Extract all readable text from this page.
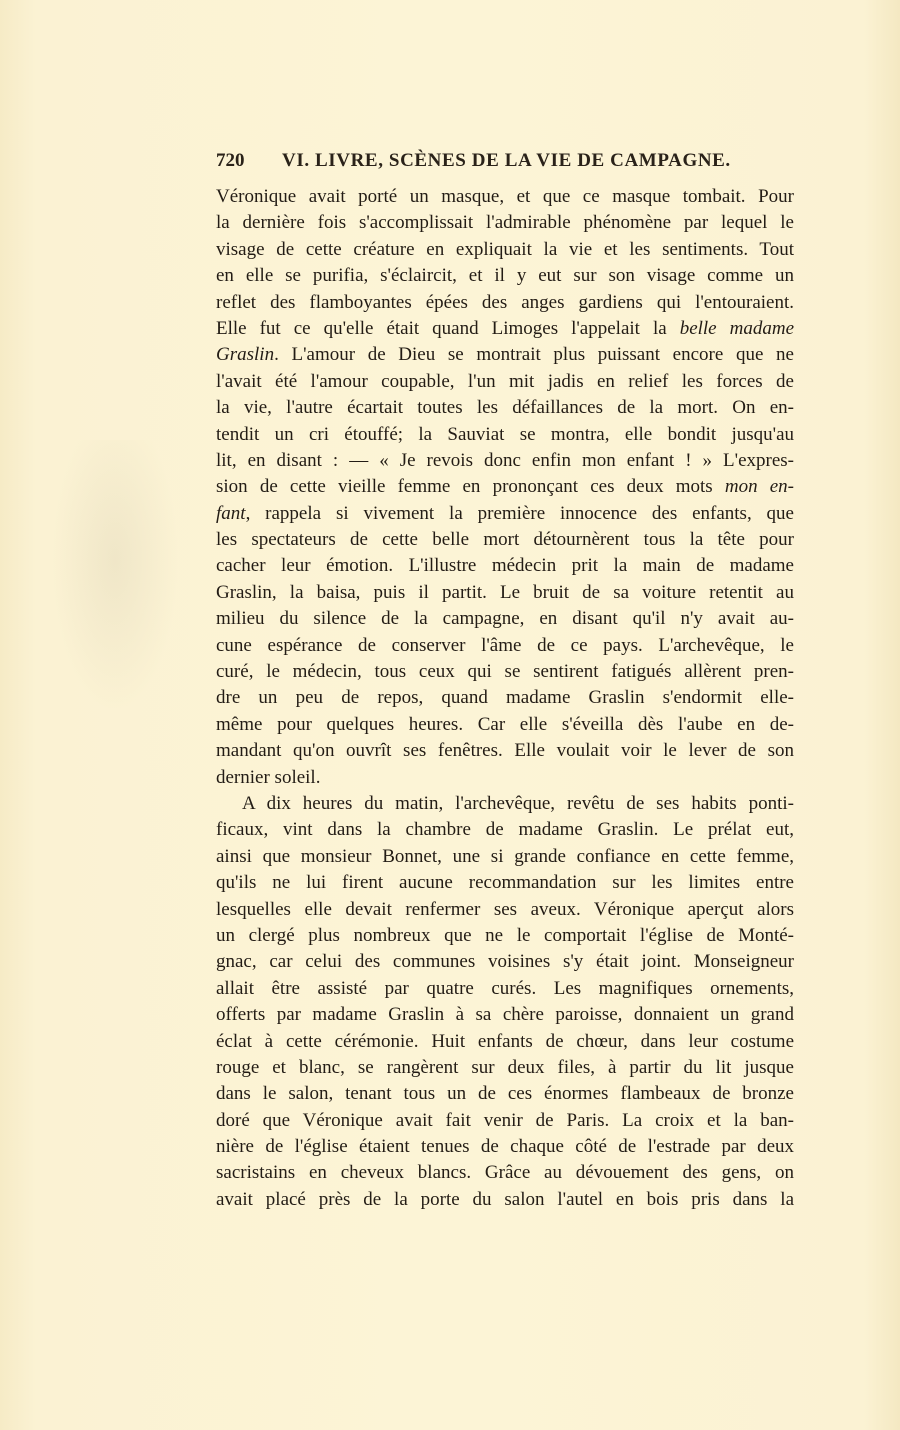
720 VI. LIVRE, SCÈNES DE LA VIE DE CAMPAGNE.
Véronique avait porté un masque, et que ce masque tombait. Pour
la dernière fois s'accomplissait l'admirable phénomène par lequel le
visage de cette créature en expliquait la vie et les sentiments. Tout
en elle se purifia, s'éclaircit, et il y eut sur son visage comme un
reflet des flamboyantes épées des anges gardiens qui l'entouraient.
Elle fut ce qu'elle était quand Limoges l'appelait la belle madame
Graslin. L'amour de Dieu se montrait plus puissant encore que ne
l'avait été l'amour coupable, l'un mit jadis en relief les forces de
la vie, l'autre écartait toutes les défaillances de la mort. On en-
tendit un cri étouffé; la Sauviat se montra, elle bondit jusqu'au
lit, en disant : — « Je revois donc enfin mon enfant ! » L'expres-
sion de cette vieille femme en prononçant ces deux mots mon en-
fant, rappela si vivement la première innocence des enfants, que
les spectateurs de cette belle mort détournèrent tous la tête pour
cacher leur émotion. L'illustre médecin prit la main de madame
Graslin, la baisa, puis il partit. Le bruit de sa voiture retentit au
milieu du silence de la campagne, en disant qu'il n'y avait au-
cune espérance de conserver l'âme de ce pays. L'archevêque, le
curé, le médecin, tous ceux qui se sentirent fatigués allèrent pren-
dre un peu de repos, quand madame Graslin s'endormit elle-
même pour quelques heures. Car elle s'éveilla dès l'aube en de-
mandant qu'on ouvrît ses fenêtres. Elle voulait voir le lever de son
dernier soleil.
A dix heures du matin, l'archevêque, revêtu de ses habits ponti-
ficaux, vint dans la chambre de madame Graslin. Le prélat eut,
ainsi que monsieur Bonnet, une si grande confiance en cette femme,
qu'ils ne lui firent aucune recommandation sur les limites entre
lesquelles elle devait renfermer ses aveux. Véronique aperçut alors
un clergé plus nombreux que ne le comportait l'église de Monté-
gnac, car celui des communes voisines s'y était joint. Monseigneur
allait être assisté par quatre curés. Les magnifiques ornements,
offerts par madame Graslin à sa chère paroisse, donnaient un grand
éclat à cette cérémonie. Huit enfants de chœur, dans leur costume
rouge et blanc, se rangèrent sur deux files, à partir du lit jusque
dans le salon, tenant tous un de ces énormes flambeaux de bronze
doré que Véronique avait fait venir de Paris. La croix et la ban-
nière de l'église étaient tenues de chaque côté de l'estrade par deux
sacristains en cheveux blancs. Grâce au dévouement des gens, on
avait placé près de la porte du salon l'autel en bois pris dans la
